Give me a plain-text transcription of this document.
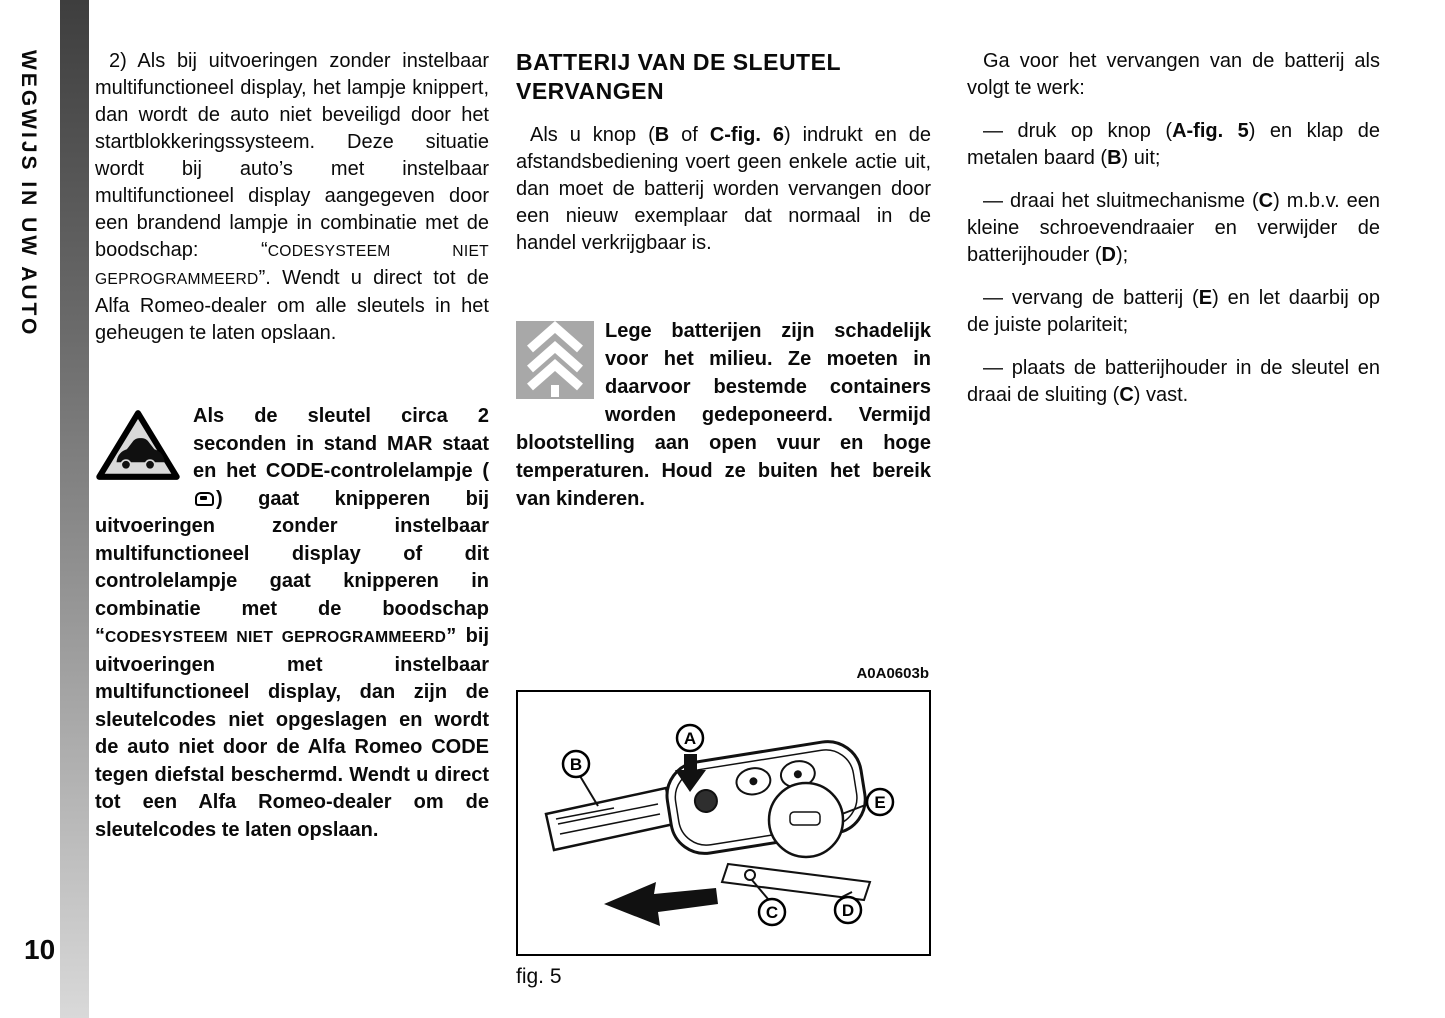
WEGWIJS IN UW AUTO
10

2) Als bij uitvoeringen zonder instelbaar multifunctioneel display, het lampje knippert, dan wordt de auto niet beveiligd door het startblokkeringssysteem. Deze situatie wordt bij auto’s met instelbaar multifunctioneel display aangegeven door een brandend lampje in combinatie met de boodschap: “CODESYSTEEM NIET GEPROGRAMMEERD”. Wendt u direct tot de Alfa Romeo-dealer om alle sleutels in het geheugen te laten opslaan.

Als de sleutel circa 2 seconden in stand MAR staat en het CODE-controlelampje () gaat knipperen bij uitvoeringen zonder instelbaar multifunctioneel display of dit controlelampje gaat knipperen in combinatie met de boodschap “CODESYSTEEM NIET GEPROGRAMMEERD” bij uitvoeringen met instelbaar multifunctioneel display, dan zijn de sleutelcodes niet opgeslagen en wordt de auto niet door de Alfa Romeo CODE tegen diefstal beschermd. Wendt u direct tot een Alfa Romeo-dealer om de sleutelcodes te laten opslaan.

BATTERIJ VAN DE SLEUTEL VERVANGEN

Als u knop (B of C-fig. 6) indrukt en de afstandsbediening voert geen enkele actie uit, dan moet de batterij worden vervangen door een nieuw exemplaar dat normaal in de handel verkrijgbaar is.

Lege batterijen zijn schadelijk voor het milieu. Ze moeten in daarvoor bestemde containers worden gedeponeerd. Vermijd blootstelling aan open vuur en hoge temperaturen. Houd ze buiten het bereik van kinderen.

A0A0603b
A
B
E
C	D
fig. 5

Ga voor het vervangen van de batterij als volgt te werk:

— druk op knop (A-fig. 5) en klap de metalen baard (B) uit;

— draai het sluitmechanisme (C) m.b.v. een kleine schroevendraaier en verwijder de batterijhouder (D);

— vervang de batterij (E) en let daarbij op de juiste polariteit;

— plaats de batterijhouder in de sleutel en draai de sluiting (C) vast.
